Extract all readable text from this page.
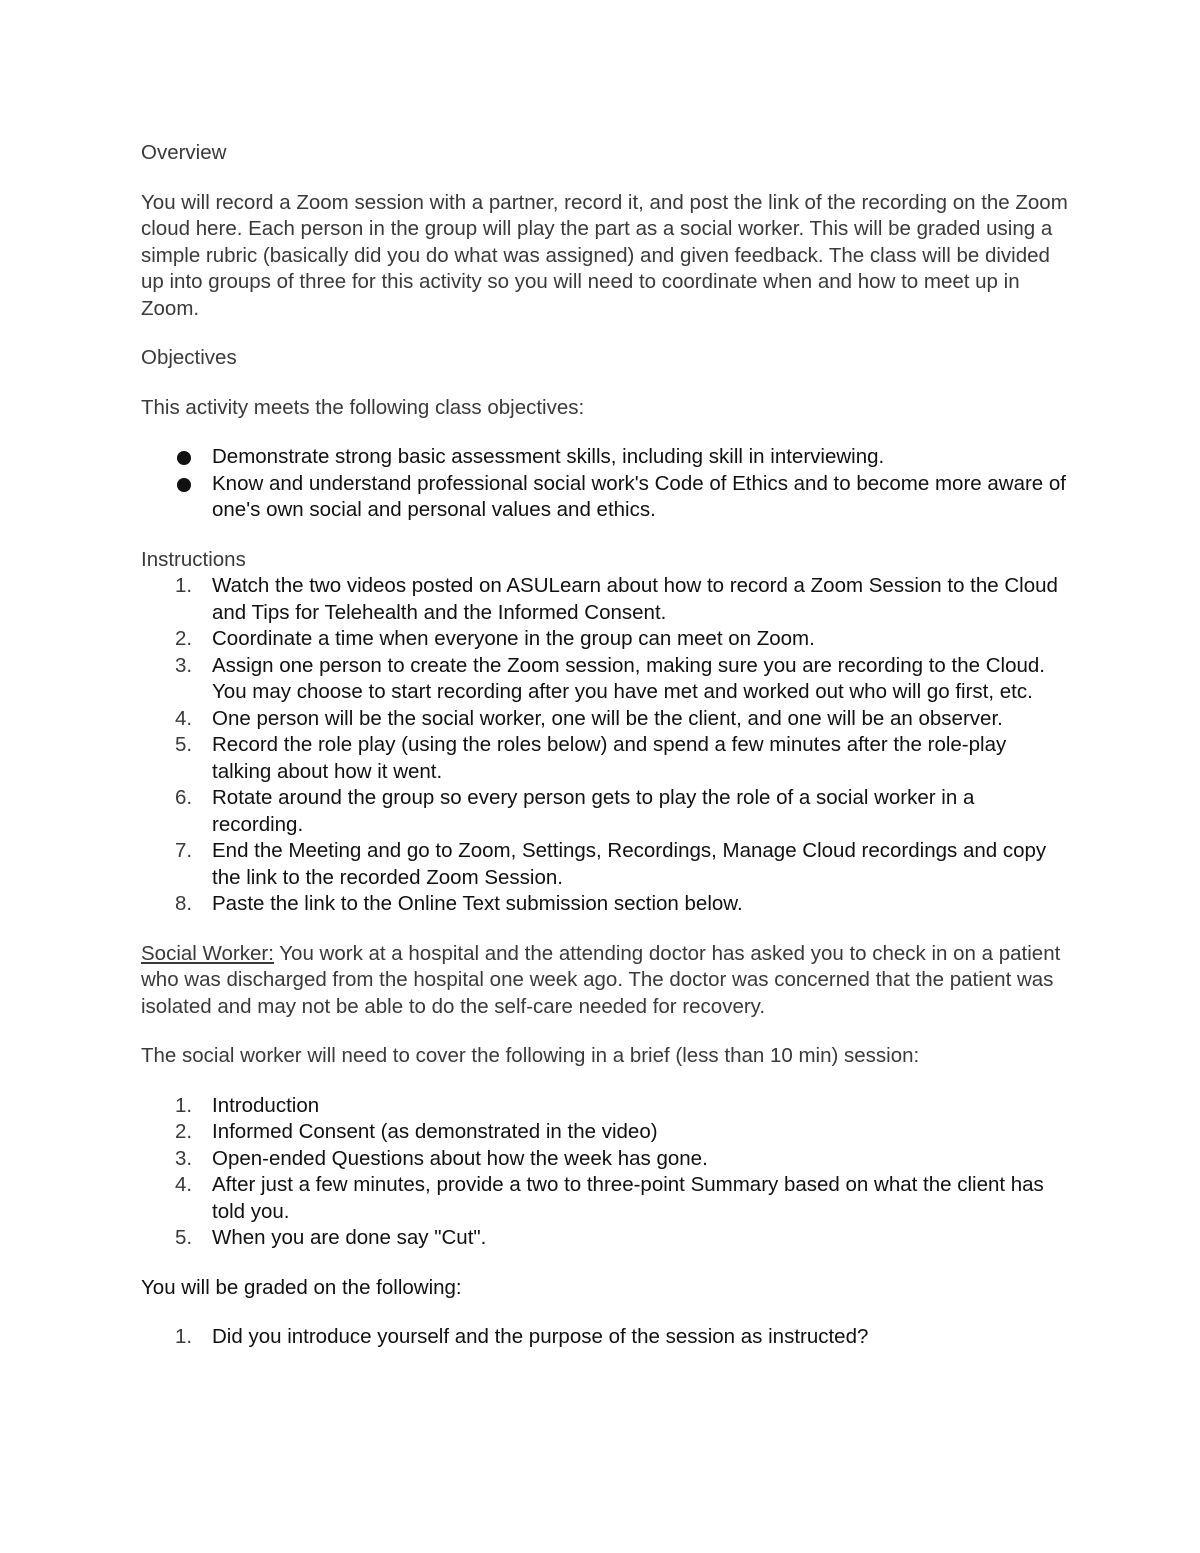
Overview

You will record a Zoom session with a partner, record it, and post the link of the recording on the Zoom cloud here. Each person in the group will play the part as a social worker. This will be graded using a simple rubric (basically did you do what was assigned) and given feedback. The class will be divided up into groups of three for this activity so you will need to coordinate when and how to meet up in Zoom.

Objectives

This activity meets the following class objectives:

Demonstrate strong basic assessment skills, including skill in interviewing.
Know and understand professional social work's Code of Ethics and to become more aware of one's own social and personal values and ethics.

Instructions

1. Watch the two videos posted on ASULearn about how to record a Zoom Session to the Cloud and Tips for Telehealth and the Informed Consent.
2. Coordinate a time when everyone in the group can meet on Zoom.
3. Assign one person to create the Zoom session, making sure you are recording to the Cloud. You may choose to start recording after you have met and worked out who will go first, etc.
4. One person will be the social worker, one will be the client, and one will be an observer.
5. Record the role play (using the roles below) and spend a few minutes after the role-play talking about how it went.
6. Rotate around the group so every person gets to play the role of a social worker in a recording.
7. End the Meeting and go to Zoom, Settings, Recordings, Manage Cloud recordings and copy the link to the recorded Zoom Session.
8. Paste the link to the Online Text submission section below.

Social Worker: You work at a hospital and the attending doctor has asked you to check in on a patient who was discharged from the hospital one week ago. The doctor was concerned that the patient was isolated and may not be able to do the self-care needed for recovery.

The social worker will need to cover the following in a brief (less than 10 min) session:

1. Introduction
2. Informed Consent (as demonstrated in the video)
3. Open-ended Questions about how the week has gone.
4. After just a few minutes, provide a two to three-point Summary based on what the client has told you.
5. When you are done say "Cut".

You will be graded on the following:

1. Did you introduce yourself and the purpose of the session as instructed?
